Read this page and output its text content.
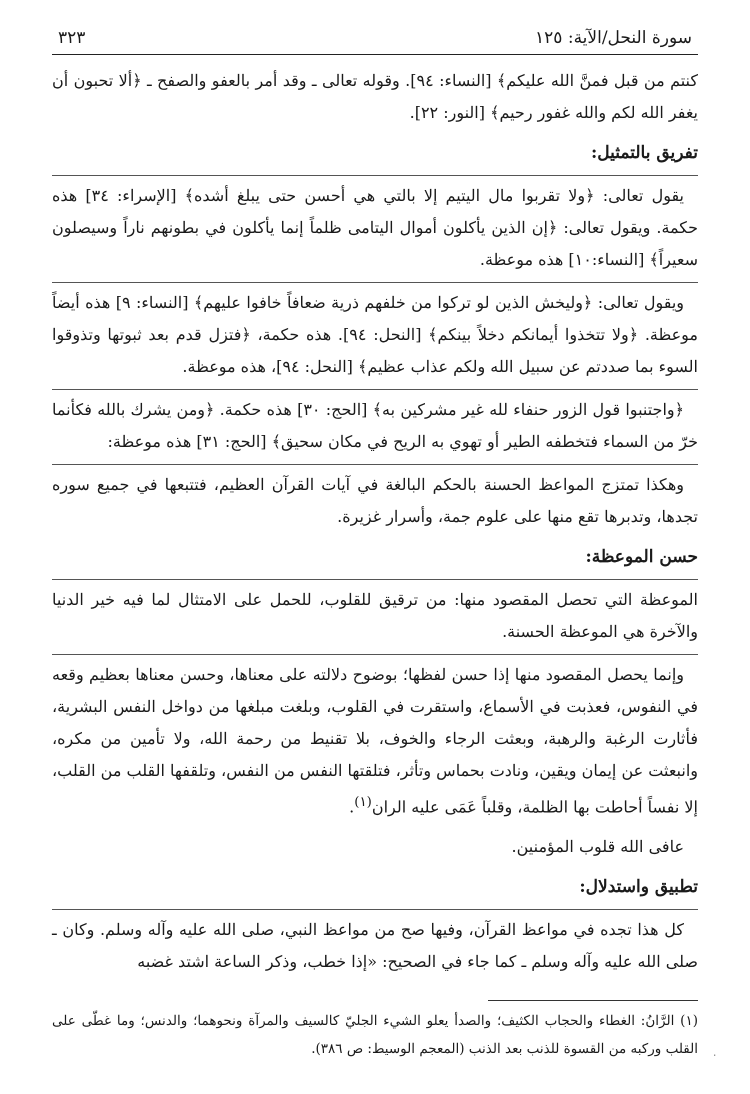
سورة النحل/الآية: ١٢٥
٣٢٣

كنتم من قبل فمنَّ الله عليكم﴾ [النساء: ٩٤]. وقوله تعالى ـ وقد أمر بالعفو والصفح ـ ﴿ألا تحبون أن يغفر الله لكم والله غفور رحيم﴾ [النور: ٢٢].

تفريق بالتمثيل:

يقول تعالى: ﴿ولا تقربوا مال اليتيم إلا بالتي هي أحسن حتى يبلغ أشده﴾ [الإسراء: ٣٤] هذه حكمة. ويقول تعالى: ﴿إن الذين يأكلون أموال اليتامى ظلماً إنما يأكلون في بطونهم ناراً وسيصلون سعيراً﴾ [النساء:١٠] هذه موعظة.

ويقول تعالى: ﴿وليخش الذين لو تركوا من خلفهم ذرية ضعافاً خافوا عليهم﴾ [النساء: ٩] هذه أيضاً موعظة. ﴿ولا تتخذوا أيمانكم دخلاً بينكم﴾ [النحل: ٩٤]. هذه حكمة، ﴿فتزل قدم بعد ثبوتها وتذوقوا السوء بما صددتم عن سبيل الله ولكم عذاب عظيم﴾ [النحل: ٩٤]، هذه موعظة.

﴿واجتنبوا قول الزور حنفاء لله غير مشركين به﴾ [الحج: ٣٠] هذه حكمة. ﴿ومن يشرك بالله فكأنما خرّ من السماء فتخطفه الطير أو تهوي به الريح في مكان سحيق﴾ [الحج: ٣١] هذه موعظة:

وهكذا تمتزج المواعظ الحسنة بالحكم البالغة في آيات القرآن العظيم، فتتبعها في جميع سوره تجدها، وتدبرها تقع منها على علوم جمة، وأسرار غزيرة.

حسن الموعظة:

الموعظة التي تحصل المقصود منها: من ترقيق للقلوب، للحمل على الامتثال لما فيه خير الدنيا والآخرة هي الموعظة الحسنة.

وإنما يحصل المقصود منها إذا حسن لفظها؛ بوضوح دلالته على معناها، وحسن معناها بعظيم وقعه في النفوس، فعذبت في الأسماع، واستقرت في القلوب، وبلغت مبلغها من دواخل النفس البشرية، فأثارت الرغبة والرهبة، وبعثت الرجاء والخوف، بلا تقنيط من رحمة الله، ولا تأمين من مكره، وانبعثت عن إيمان ويقين، ونادت بحماس وتأثر، فتلقتها النفس من النفس، وتلقفها القلب من القلب، إلا نفساً أحاطت بها الظلمة، وقلباً عَمَى عليه الران$^{(١)}$.

عافى الله قلوب المؤمنين.

تطبيق واستدلال:

كل هذا تجده في مواعظ القرآن، وفيها صح من مواعظ النبي، صلى الله عليه وآله وسلم. وكان ـ صلى الله عليه وآله وسلم ـ كما جاء في الصحيح: «إذا خطب، وذكر الساعة اشتد غضبه

(١) الرَّانُ: الغطاء والحجاب الكثيف؛ والصدأ يعلو الشيء الجليّ كالسيف والمرآة ونحوهما؛ والدنس؛ وما غطّى على القلب وركبه من القسوة للذنب بعد الذنب (المعجم الوسيط: ص ٣٨٦). ٠
